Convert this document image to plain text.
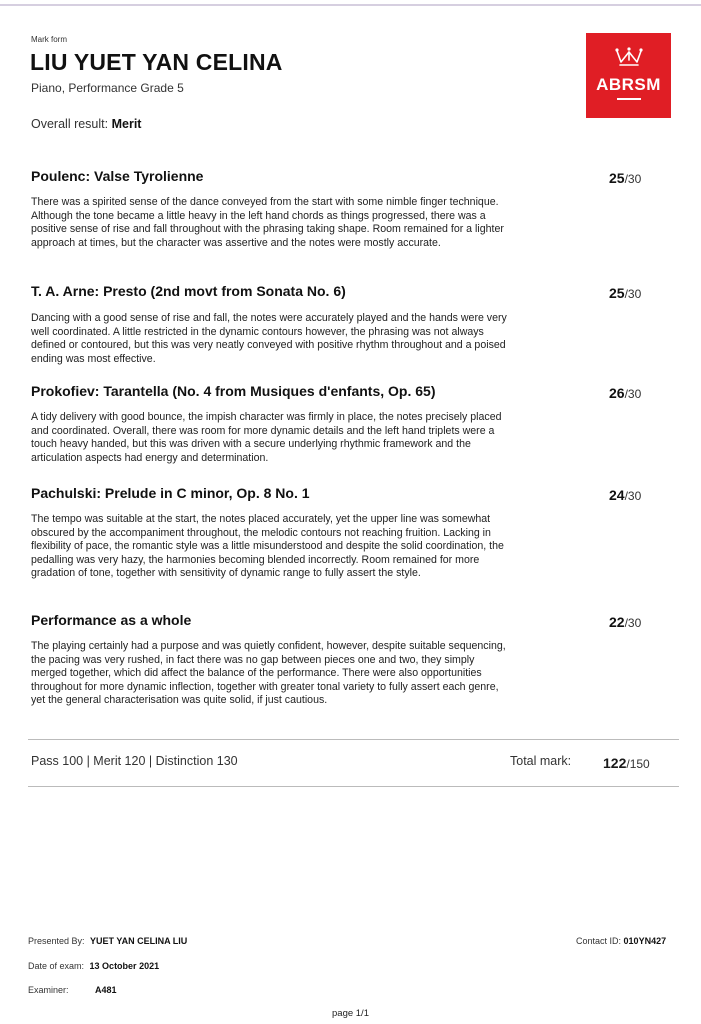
Mark form
LIU YUET YAN CELINA
Piano, Performance Grade 5
Overall result: Merit
ABRSM
Poulenc: Valse Tyrolienne	25/30

There was a spirited sense of the dance conveyed from the start with some nimble finger technique. Although the tone became a little heavy in the left hand chords as things progressed, there was a positive sense of rise and fall throughout with the phrasing taking shape. Room remained for a lighter approach at times, but the character was assertive and the notes were mostly accurate.

T. A. Arne: Presto (2nd movt from Sonata No. 6)	25/30

Dancing with a good sense of rise and fall, the notes were accurately played and the hands were very well coordinated. A little restricted in the dynamic contours however, the phrasing was not always defined or contoured, but this was very neatly conveyed with positive rhythm throughout and a poised ending was most effective.

Prokofiev: Tarantella (No. 4 from Musiques d'enfants, Op. 65)	26/30

A tidy delivery with good bounce, the impish character was firmly in place, the notes precisely placed and coordinated. Overall, there was room for more dynamic details and the left hand triplets were a touch heavy handed, but this was driven with a secure underlying rhythmic framework and the articulation aspects had energy and determination.

Pachulski: Prelude in C minor, Op. 8 No. 1	24/30

The tempo was suitable at the start, the notes placed accurately, yet the upper line was somewhat obscured by the accompaniment throughout, the melodic contours not reaching fruition. Lacking in flexibility of pace, the romantic style was a little misunderstood and despite the solid coordination, the pedalling was very hazy, the harmonies becoming blended incorrectly. Room remained for more gradation of tone, together with sensitivity of dynamic range to fully assert the style.

Performance as a whole	22/30

The playing certainly had a purpose and was quietly confident, however, despite suitable sequencing, the pacing was very rushed, in fact there was no gap between pieces one and two, they simply merged together, which did affect the balance of the performance. There were also opportunities throughout for more dynamic inflection, together with greater tonal variety to fully assert each genre, yet the general characterisation was quite solid, if just cautious.

Pass 100 | Merit 120 | Distinction 130	Total mark: 122/150
Presented By: YUET YAN CELINA LIU
Date of exam: 13 October 2021
Examiner:	A481
Contact ID: 010YN427
page 1/1
